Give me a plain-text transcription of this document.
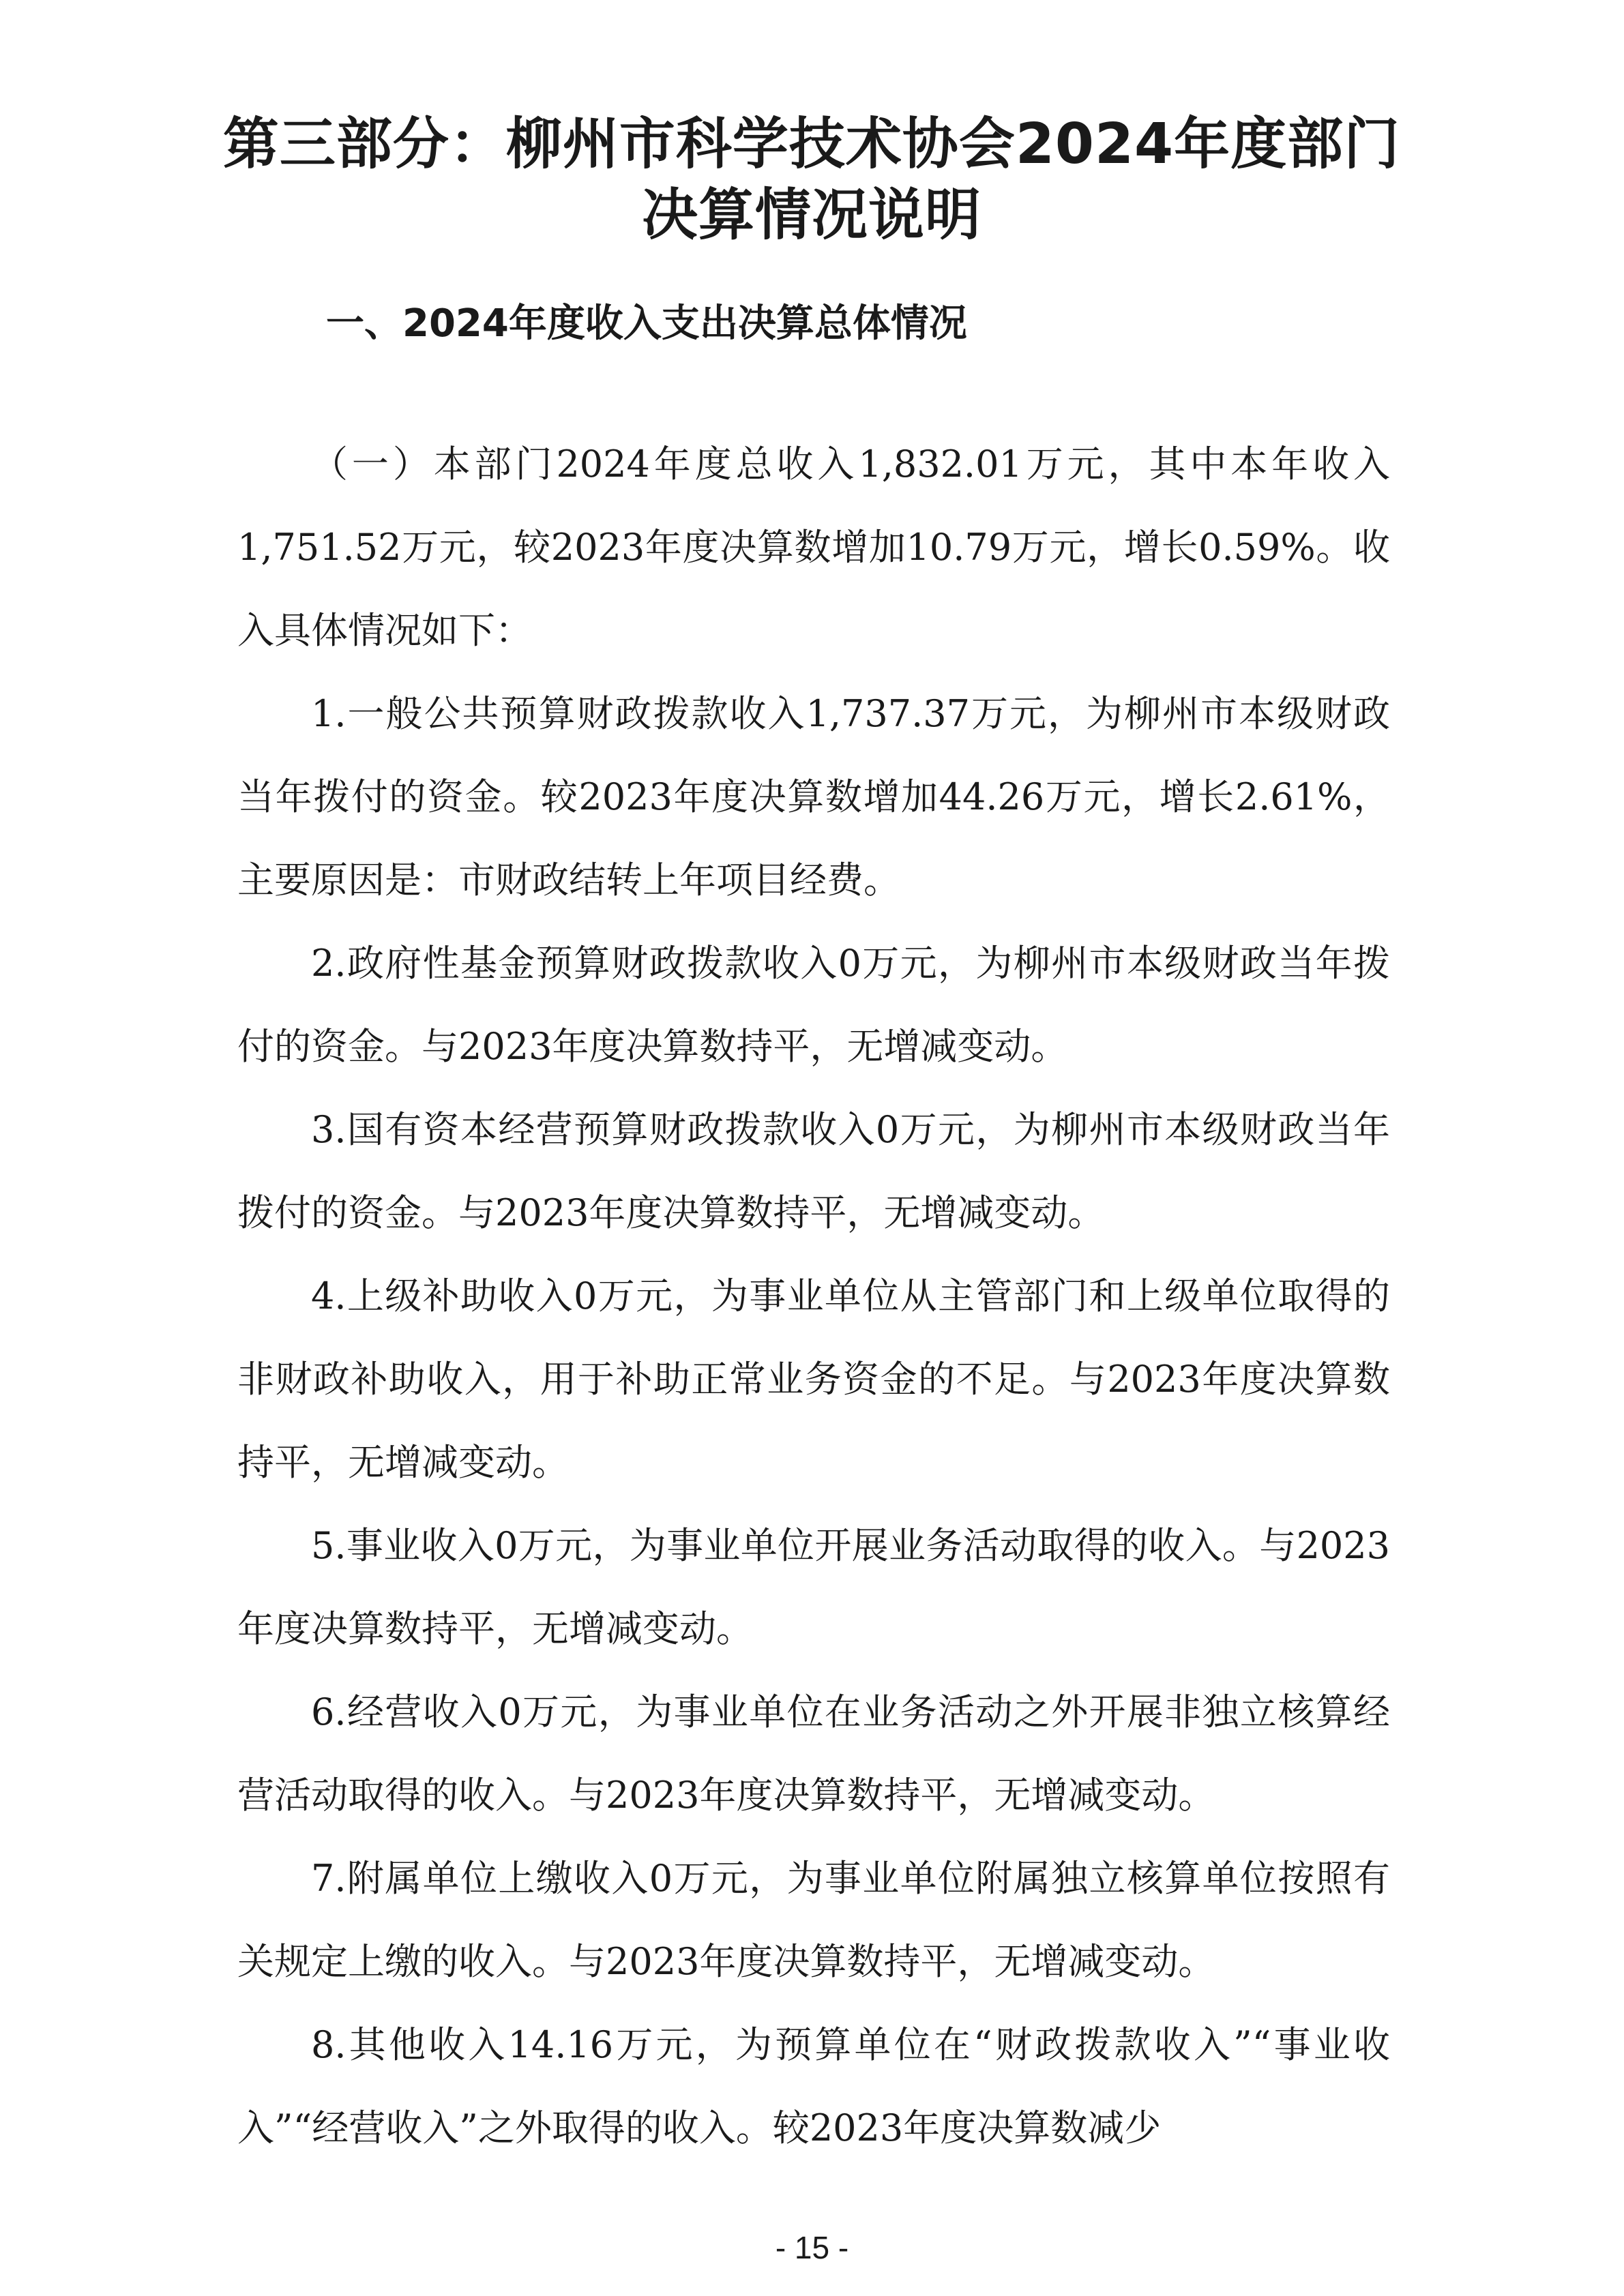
第三部分：柳州市科学技术协会2024年度部门决算情况说明
一、2024年度收入支出决算总体情况

（一）本部门2024年度总收入1,832.01万元，其中本年收入1,751.52万元，较2023年度决算数增加10.79万元，增长0.59%。收入具体情况如下：

1.一般公共预算财政拨款收入1,737.37万元，为柳州市本级财政当年拨付的资金。较2023年度决算数增加44.26万元，增长2.61%，主要原因是：市财政结转上年项目经费。

2.政府性基金预算财政拨款收入0万元，为柳州市本级财政当年拨付的资金。与2023年度决算数持平，无增减变动。

3.国有资本经营预算财政拨款收入0万元，为柳州市本级财政当年拨付的资金。与2023年度决算数持平，无增减变动。

4.上级补助收入0万元，为事业单位从主管部门和上级单位取得的非财政补助收入，用于补助正常业务资金的不足。与2023年度决算数持平，无增减变动。

5.事业收入0万元，为事业单位开展业务活动取得的收入。与2023年度决算数持平，无增减变动。

6.经营收入0万元，为事业单位在业务活动之外开展非独立核算经营活动取得的收入。与2023年度决算数持平，无增减变动。

7.附属单位上缴收入0万元，为事业单位附属独立核算单位按照有关规定上缴的收入。与2023年度决算数持平，无增减变动。

8.其他收入14.16万元，为预算单位在“财政拨款收入”“事业收入”“经营收入”之外取得的收入。较2023年度决算数减少

- 15 -
